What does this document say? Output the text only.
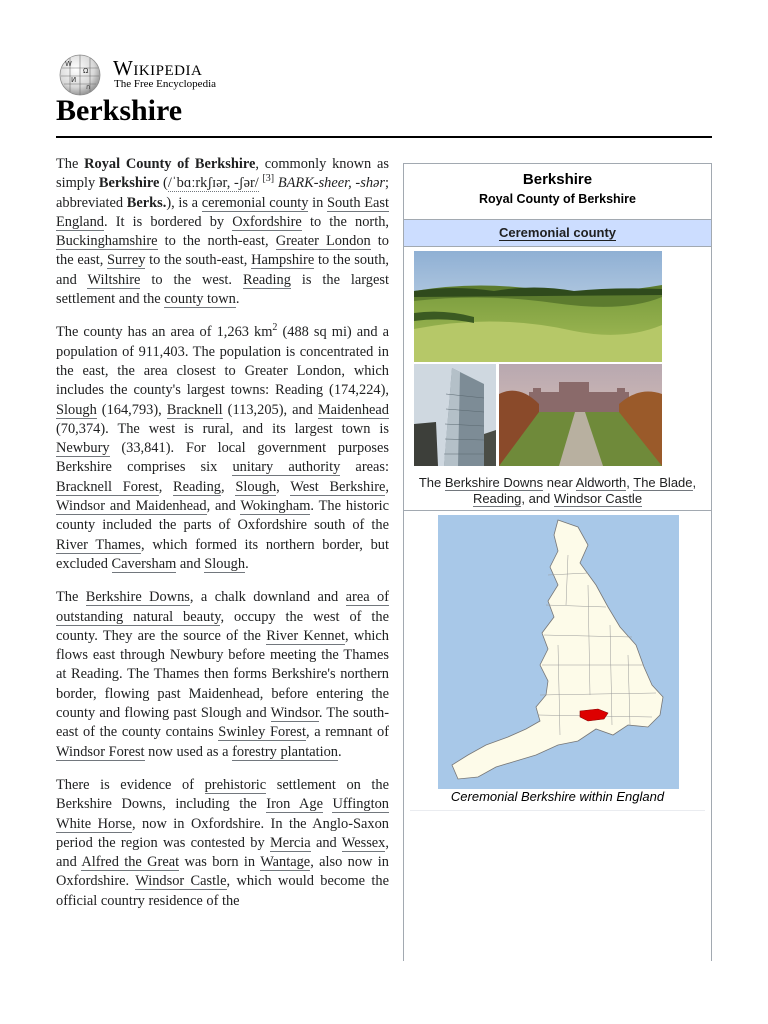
W
Ω
И
ก
Wikipedia
The Free Encyclopedia
Berkshire

The Royal County of Berkshire, commonly known as simply Berkshire (/ˈbɑːrkʃɪər, -ʃər/ [3] BARK-sheer, -shər; abbreviated Berks.), is a ceremonial county in South East England. It is bordered by Oxfordshire to the north, Buckinghamshire to the north-east, Greater London to the east, Surrey to the south-east, Hampshire to the south, and Wiltshire to the west. Reading is the largest settlement and the county town.

The county has an area of 1,263 $km^2$ (488 sq mi) and a population of 911,403. The population is concentrated in the east, the area closest to Greater London, which includes the county's largest towns: Reading (174,224), Slough (164,793), Bracknell (113,205), and Maidenhead (70,374). The west is rural, and its largest town is Newbury (33,841). For local government purposes Berkshire comprises six unitary authority areas: Bracknell Forest, Reading, Slough, West Berkshire, Windsor and Maidenhead, and Wokingham. The historic county included the parts of Oxfordshire south of the River Thames, which formed its northern border, but excluded Caversham and Slough.

The Berkshire Downs, a chalk downland and area of outstanding natural beauty, occupy the west of the county. They are the source of the River Kennet, which flows east through Newbury before meeting the Thames at Reading. The Thames then forms Berkshire's northern border, flowing past Maidenhead, before entering the county and flowing past Slough and Windsor. The south-east of the county contains Swinley Forest, a remnant of Windsor Forest now used as a forestry plantation.

There is evidence of prehistoric settlement on the Berkshire Downs, including the Iron Age Uffington White Horse, now in Oxfordshire. In the Anglo-Saxon period the region was contested by Mercia and Wessex, and Alfred the Great was born in Wantage, also now in Oxfordshire. Windsor Castle, which would become the official country residence of the

Berkshire
Royal County of Berkshire
Ceremonial county
The Berkshire Downs near Aldworth, The Blade, Reading, and Windsor Castle
Ceremonial Berkshire within England
